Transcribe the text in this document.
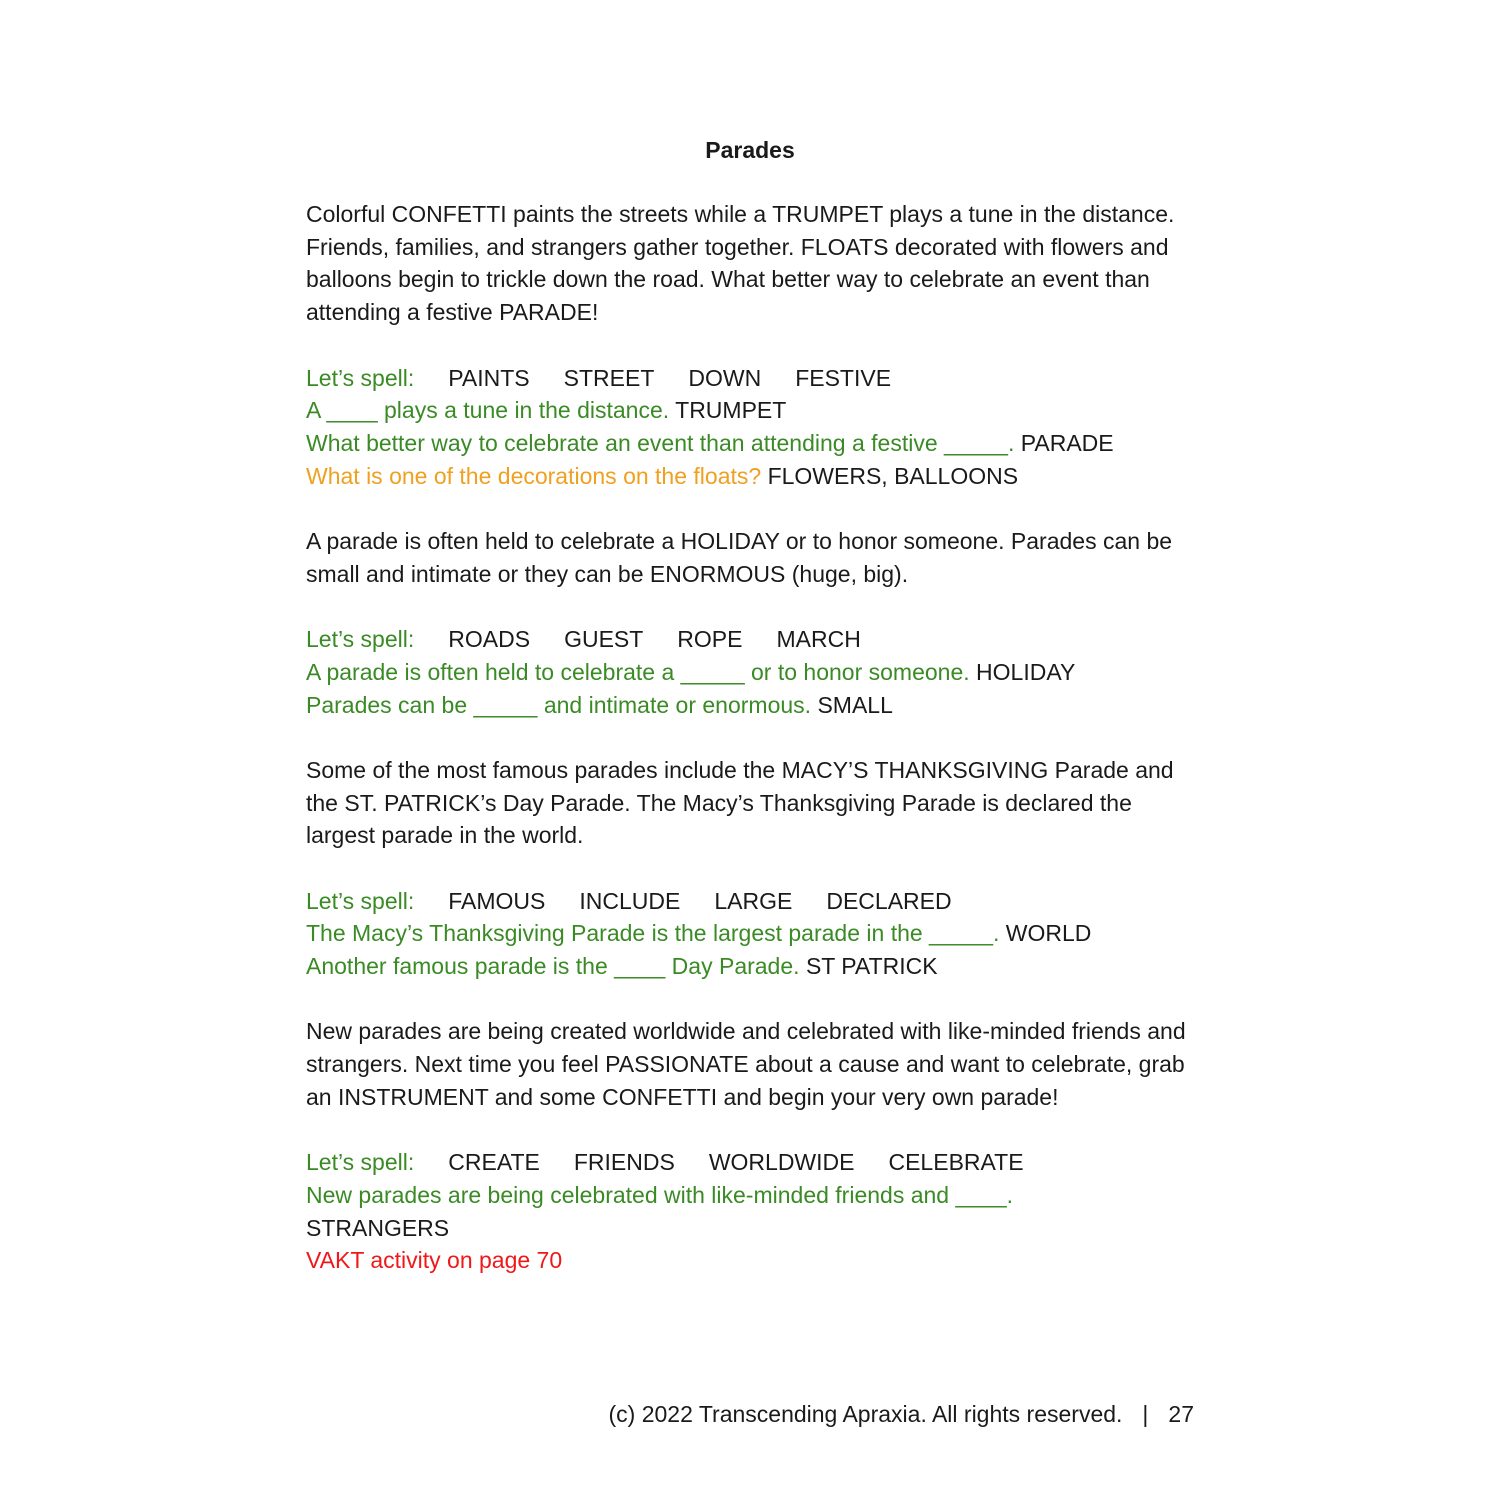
Parades

Colorful CONFETTI paints the streets while a TRUMPET plays a tune in the distance. Friends, families, and strangers gather together. FLOATS decorated with flowers and balloons begin to trickle down the road. What better way to celebrate an event than attending a festive PARADE!

Let’s spell: PAINTS STREET DOWN FESTIVE
A ____ plays a tune in the distance. TRUMPET
What better way to celebrate an event than attending a festive _____. PARADE
What is one of the decorations on the floats? FLOWERS, BALLOONS

A parade is often held to celebrate a HOLIDAY or to honor someone. Parades can be small and intimate or they can be ENORMOUS (huge, big).

Let’s spell: ROADS GUEST ROPE MARCH
A parade is often held to celebrate a _____ or to honor someone. HOLIDAY
Parades can be _____ and intimate or enormous. SMALL

Some of the most famous parades include the MACY’S THANKSGIVING Parade and the ST. PATRICK’s Day Parade. The Macy’s Thanksgiving Parade is declared the largest parade in the world.

Let’s spell: FAMOUS INCLUDE LARGE DECLARED
The Macy’s Thanksgiving Parade is the largest parade in the _____. WORLD
Another famous parade is the ____ Day Parade. ST PATRICK

New parades are being created worldwide and celebrated with like-minded friends and strangers. Next time you feel PASSIONATE about a cause and want to celebrate, grab an INSTRUMENT and some CONFETTI and begin your very own parade!

Let’s spell: CREATE FRIENDS WORLDWIDE CELEBRATE
New parades are being celebrated with like-minded friends and ____.
STRANGERS
VAKT activity on page 70
(c) 2022 Transcending Apraxia. All rights reserved. | 27
